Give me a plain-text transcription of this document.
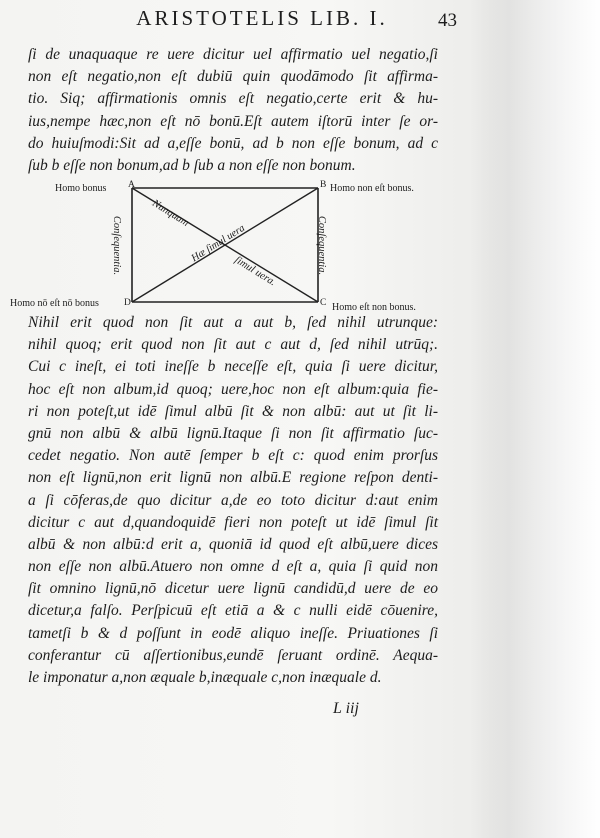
ARISTOTELIS LIB. I.	43
ſi de unaquaque re uere dicitur uel affirmatio uel negatio,ſi
non eſt negatio,non eſt dubiū quin quodāmodo ſit affirma-
tio. Siq; affirmationis omnis eſt negatio,certe erit & hu-
ius,nempe hæc,non eſt nō bonū.Eſt autem iſtorū inter ſe or-
do huiuſmodi:Sit ad a,eſſe bonū, ad b non eſſe bonum, ad c
ſub b eſſe non bonum,ad b ſub a non eſſe non bonum.
A	B
C
D
Homo bonus	Homo non eſt bonus.
Homo nō eſt nō bonus	Homo eſt non bonus.
Conſequentia.	Conſequentia.
Nunquam
Hæ ſimul uera
ſimul uera.
Nihil erit quod non ſit aut a aut b, ſed nihil utrunque:
nihil quoq; erit quod non ſit aut c aut d, ſed nihil utrūq;.
Cui c ineſt, ei toti ineſſe b neceſſe eſt, quia ſi uere dicitur,
hoc eſt non album,id quoq; uere,hoc non eſt album:quia fie-
ri non poteſt,ut idē ſimul albū ſit & non albū: aut ut ſit li-
gnū non albū & albū lignū.Itaque ſi non ſit affirmatio ſuc-
cedet negatio. Non autē ſemper b eſt c: quod enim prorſus
non eſt lignū,non erit lignū non albū.E regione reſpon denti-
a ſi cōferas,de quo dicitur a,de eo toto dicitur d:aut enim
dicitur c aut d,quandoquidē fieri non poteſt ut idē ſimul ſit
albū & non albū:d erit a, quoniā id quod eſt albū,uere dices
non eſſe non albū.Atuero non omne d eſt a, quia ſi quid non
ſit omnino lignū,nō dicetur uere lignū candidū,d uere de eo
dicetur,a falſo. Perſpicuū eſt etiā a & c nulli eidē cōuenire,
tametſi b & d poſſunt in eodē aliquo ineſſe. Priuationes ſi
conferantur cū aſſertionibus,eundē ſeruant ordinē. Aequa-
le imponatur a,non æquale b,inæquale c,non inæquale d.
L iij
